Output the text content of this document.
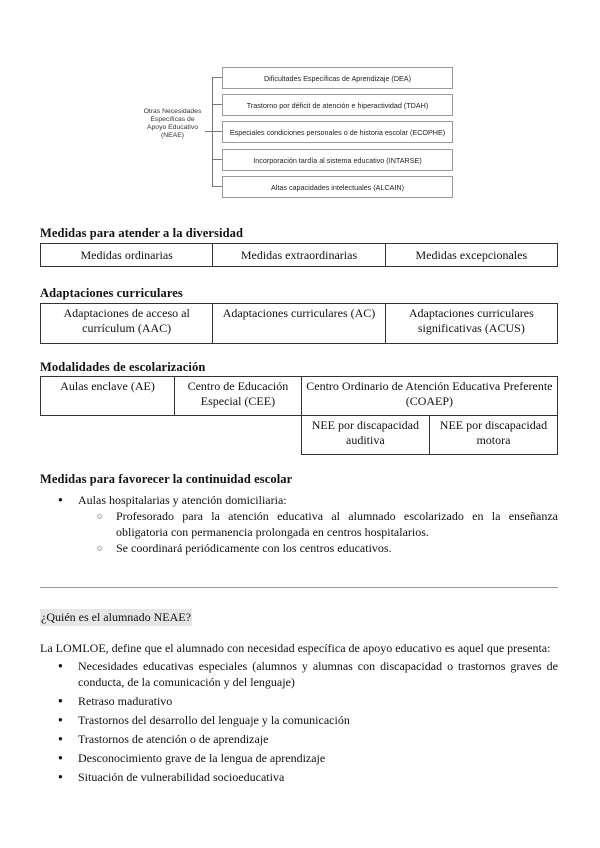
Otras Necesidades Específicas de Apoyo Educativo (NEAE)
Dificultades Específicas de Aprendizaje (DEA)
Trastorno por déficit de atención e hiperactividad (TDAH)
Especiales condiciones personales o de historia escolar (ECOPHE)
Incorporación tardía al sistema educativo (INTARSE)
Altas capacidades intelectuales (ALCAIN)
Medidas para atender a la diversidad
Medidas ordinarias	Medidas extraordinarias	Medidas excepcionales
Adaptaciones curriculares
Adaptaciones de acceso al currículum (AAC)	Adaptaciones curriculares (AC)	Adaptaciones curriculares significativas (ACUS)
Modalidades de escolarización
Aulas enclave (AE)	Centro de Educación Especial (CEE)	Centro Ordinario de Atención Educativa Preferente (COAEP)	
		NEE por discapacidad auditiva	NEE por discapacidad motora
Medidas para favorecer la continuidad escolar
● Aulas hospitalarias y atención domiciliaria:
○ Profesorado para la atención educativa al alumnado escolarizado en la enseñanza obligatoria con permanencia prolongada en centros hospitalarios.
○ Se coordinará periódicamente con los centros educativos.
¿Quién es el alumnado NEAE?
La LOMLOE, define que el alumnado con necesidad específica de apoyo educativo es aquel que presenta:
● Necesidades educativas especiales (alumnos y alumnas con discapacidad o trastornos graves de conducta, de la comunicación y del lenguaje)
● Retraso madurativo
● Trastornos del desarrollo del lenguaje y la comunicación
● Trastornos de atención o de aprendizaje
● Desconocimiento grave de la lengua de aprendizaje
● Situación de vulnerabilidad socioeducativa
